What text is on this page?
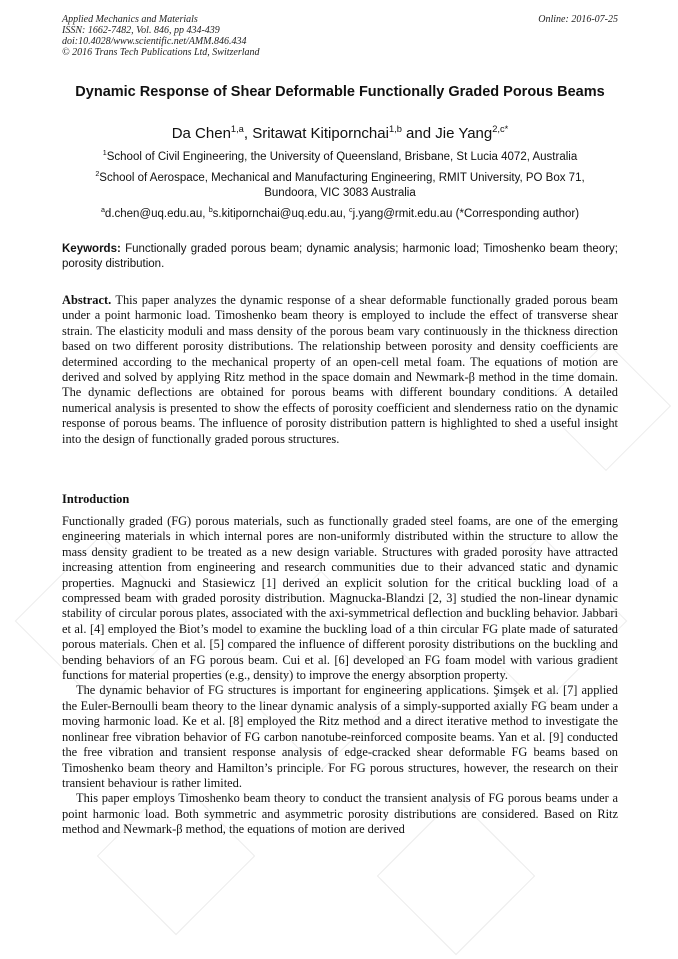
Applied Mechanics and Materials
ISSN: 1662-7482, Vol. 846, pp 434-439
doi:10.4028/www.scientific.net/AMM.846.434
© 2016 Trans Tech Publications Ltd, Switzerland
Online: 2016-07-25
Dynamic Response of Shear Deformable Functionally Graded Porous Beams
Da Chen$^{1,a}$, Sritawat Kitipornchai$^{1,b}$ and Jie Yang$^{2,c*}$
$^1$School of Civil Engineering, the University of Queensland, Brisbane, St Lucia 4072, Australia
$^2$School of Aerospace, Mechanical and Manufacturing Engineering, RMIT University, PO Box 71,
Bundoora, VIC 3083 Australia
$^a$d.chen@uq.edu.au, $^b$s.kitipornchai@uq.edu.au, $^c$j.yang@rmit.edu.au (*Corresponding author)
Keywords: Functionally graded porous beam; dynamic analysis; harmonic load; Timoshenko beam theory; porosity distribution.

Abstract. This paper analyzes the dynamic response of a shear deformable functionally graded porous beam under a point harmonic load. Timoshenko beam theory is employed to include the effect of transverse shear strain. The elasticity moduli and mass density of the porous beam vary continuously in the thickness direction based on two different porosity distributions. The relationship between porosity and density coefficients are determined according to the mechanical property of an open-cell metal foam. The equations of motion are derived and solved by applying Ritz method in the space domain and Newmark-β method in the time domain. The dynamic deflections are obtained for porous beams with different boundary conditions. A detailed numerical analysis is presented to show the effects of porosity coefficient and slenderness ratio on the dynamic response of porous beams. The influence of porosity distribution pattern is highlighted to shed a useful insight into the design of functionally graded porous structures.

Introduction

Functionally graded (FG) porous materials, such as functionally graded steel foams, are one of the emerging engineering materials in which internal pores are non-uniformly distributed within the structure to allow the mass density gradient to be treated as a new design variable. Structures with graded porosity have attracted increasing attention from engineering and research communities due to their advanced static and dynamic properties. Magnucki and Stasiewicz [1] derived an explicit solution for the critical buckling load of a compressed beam with graded porosity distribution. Magnucka-Blandzi [2, 3] studied the non-linear dynamic stability of circular porous plates, associated with the axi-symmetrical deflection and buckling behavior. Jabbari et al. [4] employed the Biot’s model to examine the buckling load of a thin circular FG plate made of saturated porous materials. Chen et al. [5] compared the influence of different porosity distributions on the buckling and bending behaviors of an FG porous beam. Cui et al. [6] developed an FG foam model with various gradient functions for material properties (e.g., density) to improve the energy absorption property.

The dynamic behavior of FG structures is important for engineering applications. Şimşek et al. [7] applied the Euler-Bernoulli beam theory to the linear dynamic analysis of a simply-supported axially FG beam under a moving harmonic load. Ke et al. [8] employed the Ritz method and a direct iterative method to investigate the nonlinear free vibration behavior of FG carbon nanotube-reinforced composite beams. Yan et al. [9] conducted the free vibration and transient response analysis of edge-cracked shear deformable FG beams based on Timoshenko beam theory and Hamilton’s principle. For FG porous structures, however, the research on their transient behaviour is rather limited.

This paper employs Timoshenko beam theory to conduct the transient analysis of FG porous beams under a point harmonic load. Both symmetric and asymmetric porosity distributions are considered. Based on Ritz method and Newmark-β method, the equations of motion are derived
